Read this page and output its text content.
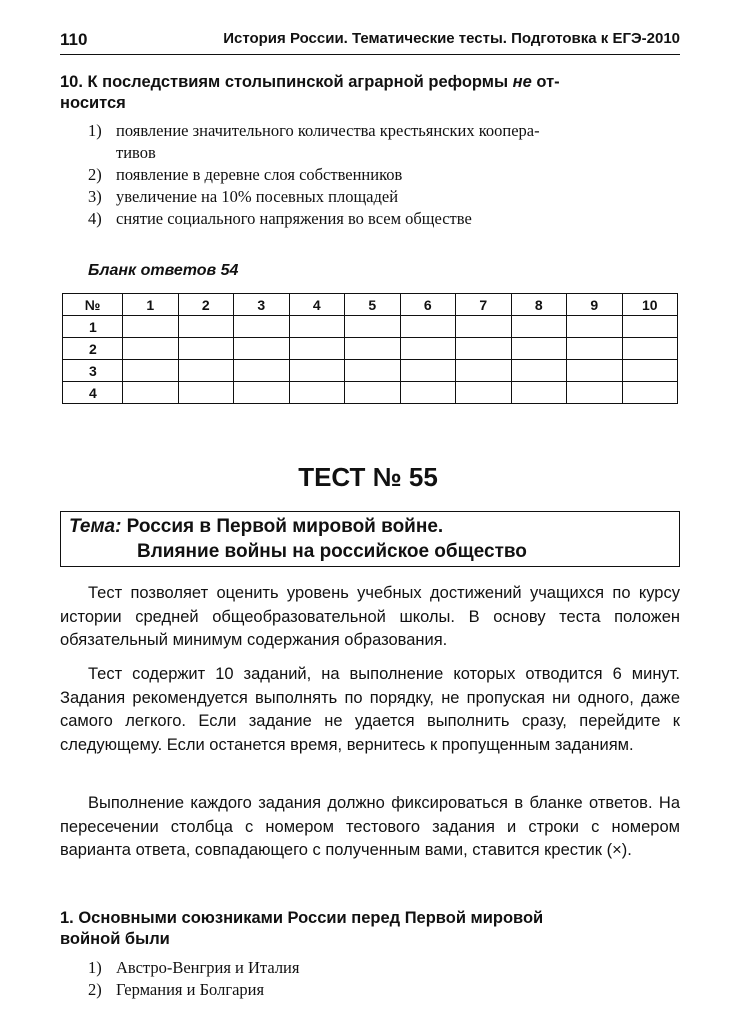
110	История России. Тематические тесты. Подготовка к ЕГЭ-2010
10. К последствиям столыпинской аграрной реформы не от-
носится
1) появление значительного количества крестьянских коопера-
тивов
2) появление в деревне слоя собственников
3) увеличение на 10% посевных площадей
4) снятие социального напряжения во всем обществе
Бланк ответов 54
№	1	2	3	4	5	6	7	8	9	10
1										
2										
3										
4										
ТЕСТ № 55
Тема: Россия в Первой мировой войне.
Влияние войны на российское общество
Тест позволяет оценить уровень учебных достижений учащихся по курсу истории средней общеобразовательной школы. В основу теста положен обязательный минимум содержания образования.
Тест содержит 10 заданий, на выполнение которых отводится 6 минут. Задания рекомендуется выполнять по порядку, не пропуская ни одного, даже самого легкого. Если задание не удается выполнить сразу, перейдите к следующему. Если останется время, вернитесь к пропущенным заданиям.
Выполнение каждого задания должно фиксироваться в бланке ответов. На пересечении столбца с номером тестового задания и строки с номером варианта ответа, совпадающего с полученным вами, ставится крестик (×).
1. Основными союзниками России перед Первой мировой
войной были
1) Австро-Венгрия и Италия
2) Германия и Болгария
